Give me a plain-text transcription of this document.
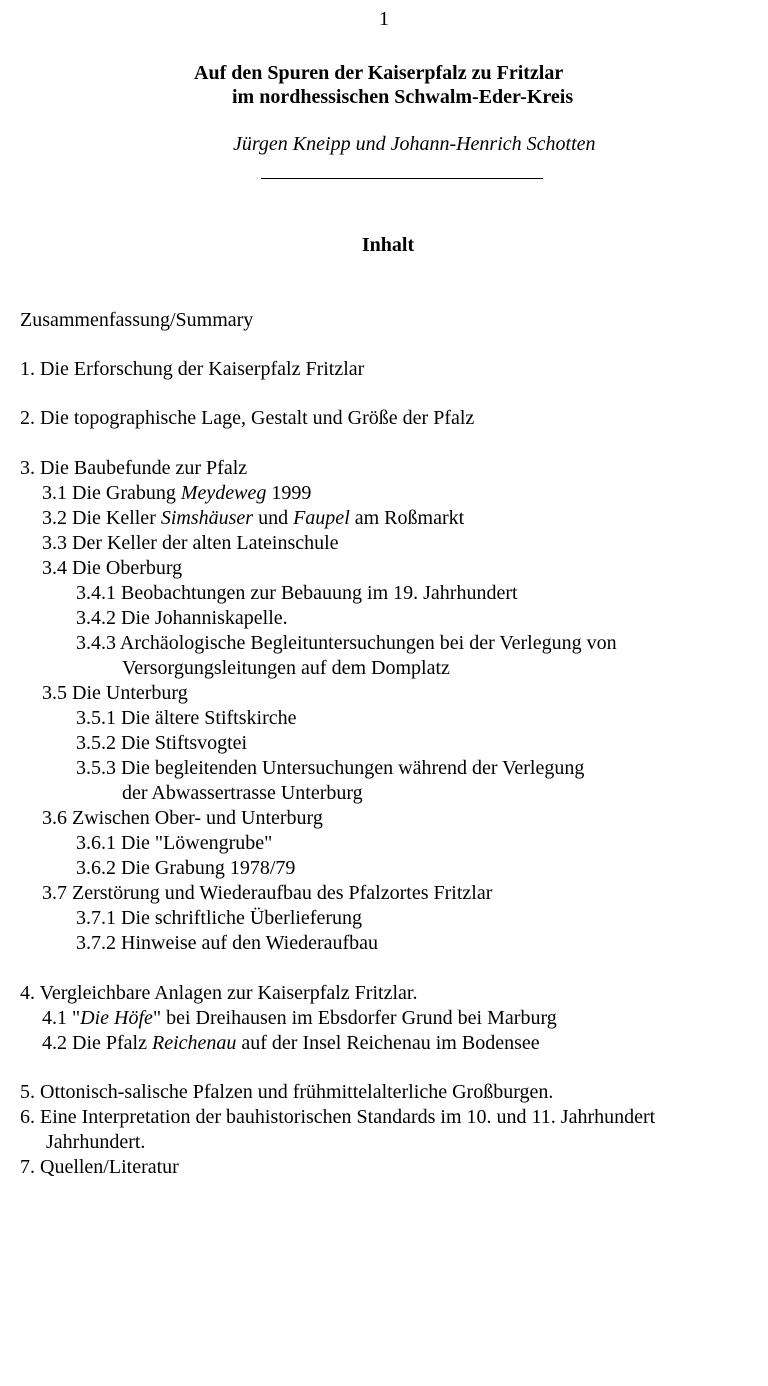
1
Auf den Spuren der Kaiserpfalz zu Fritzlar
im nordhessischen Schwalm-Eder-Kreis
Jürgen Kneipp und Johann-Henrich Schotten
Inhalt
Zusammenfassung/Summary
1. Die Erforschung der Kaiserpfalz Fritzlar
2. Die topographische Lage, Gestalt und Größe der Pfalz
3. Die Baubefunde zur Pfalz
3.1 Die Grabung Meydeweg 1999
3.2 Die Keller Simshäuser und Faupel am Roßmarkt
3.3 Der Keller der alten Lateinschule
3.4 Die Oberburg
3.4.1 Beobachtungen zur Bebauung im 19. Jahrhundert
3.4.2 Die Johanniskapelle.
3.4.3 Archäologische Begleituntersuchungen bei der Verlegung von
Versorgungsleitungen auf dem Domplatz
3.5 Die Unterburg
3.5.1 Die ältere Stiftskirche
3.5.2 Die Stiftsvogtei
3.5.3 Die begleitenden Untersuchungen während der Verlegung
der Abwassertrasse Unterburg
3.6 Zwischen Ober- und Unterburg
3.6.1 Die "Löwengrube"
3.6.2 Die Grabung 1978/79
3.7 Zerstörung und Wiederaufbau des Pfalzortes Fritzlar
3.7.1 Die schriftliche Überlieferung
3.7.2 Hinweise auf den Wiederaufbau
4. Vergleichbare Anlagen zur Kaiserpfalz Fritzlar.
4.1 "Die Höfe" bei Dreihausen im Ebsdorfer Grund bei Marburg
4.2 Die Pfalz Reichenau auf der Insel Reichenau im Bodensee
5. Ottonisch-salische Pfalzen und frühmittelalterliche Großburgen.
6. Eine Interpretation der bauhistorischen Standards im 10. und 11. Jahrhundert
Jahrhundert.
7. Quellen/Literatur
